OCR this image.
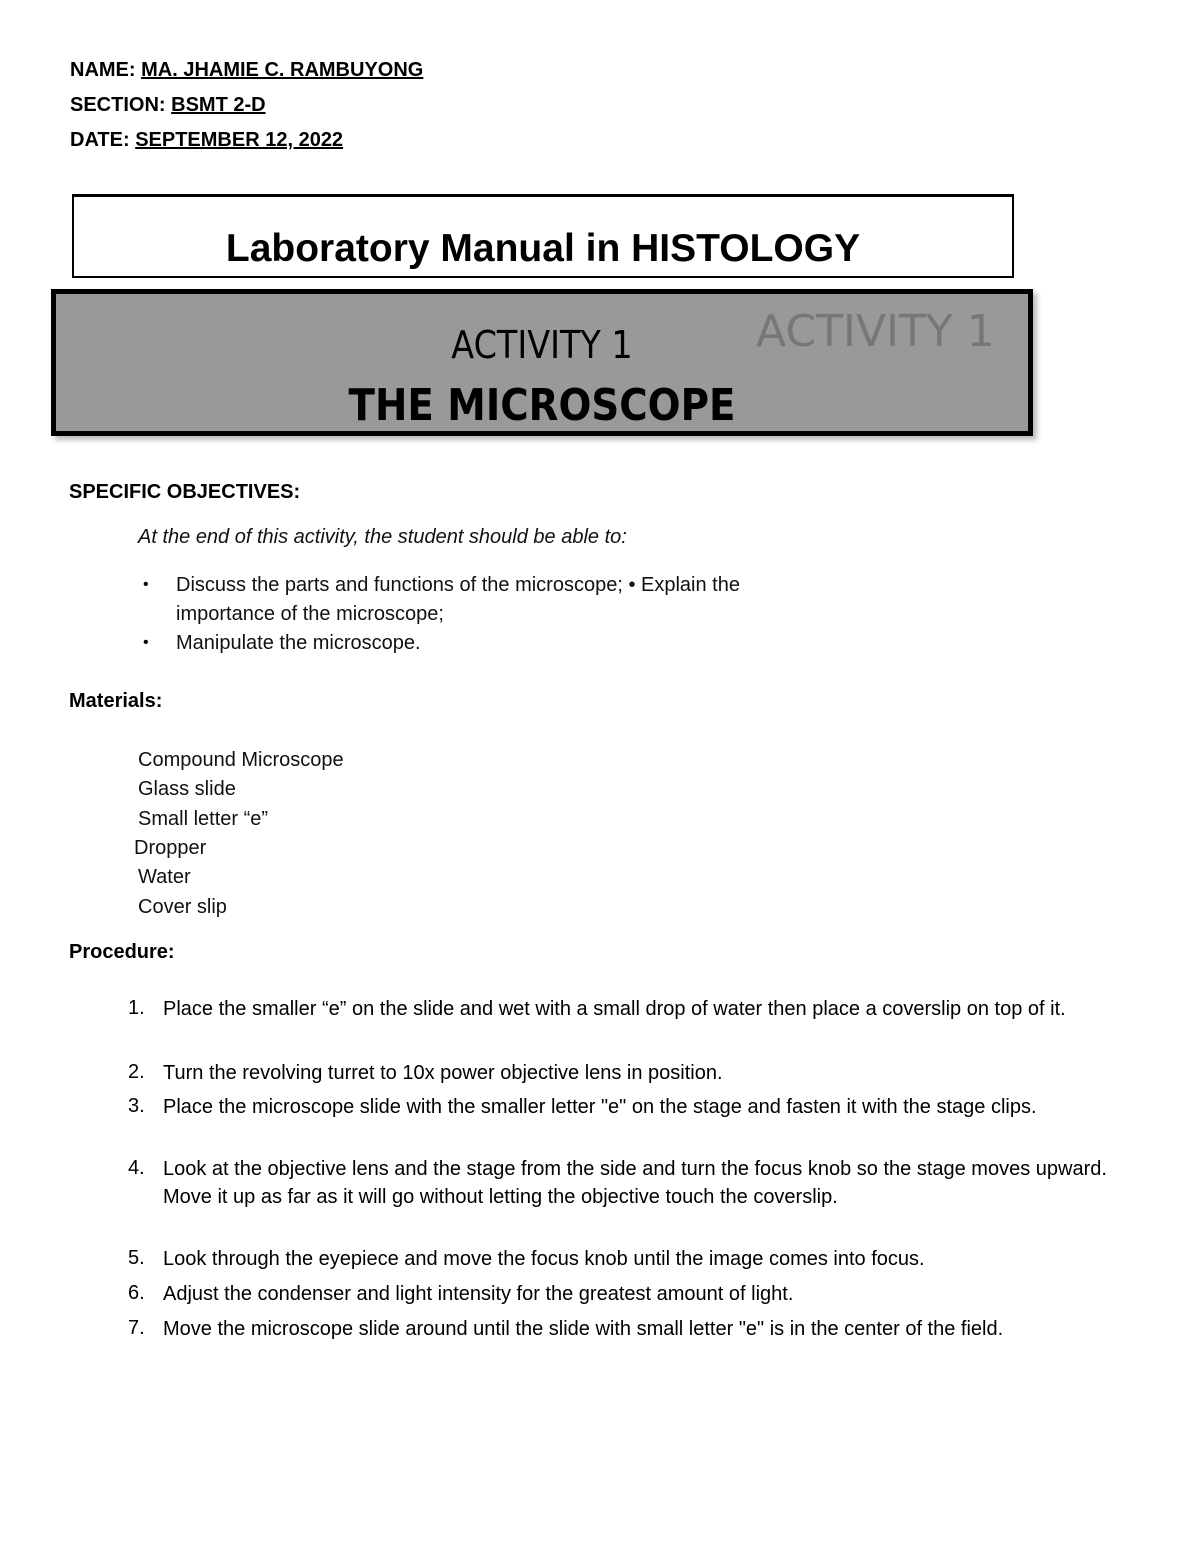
NAME: MA. JHAMIE C. RAMBUYONG
SECTION: BSMT 2-D
DATE: SEPTEMBER 12, 2022
Laboratory Manual in HISTOLOGY
ACTIVITY 1
ACTIVITY 1
THE MICROSCOPE
SPECIFIC OBJECTIVES:
At the end of this activity, the student should be able to:
• Discuss the parts and functions of the microscope; • Explain the
importance of the microscope;
• Manipulate the microscope.
Materials:
Compound Microscope
Glass slide
Small letter “e”
Dropper
Water
Cover slip
Procedure:
1. Place the smaller “e” on the slide and wet with a small drop of water then place a coverslip on top of it.
2. Turn the revolving turret to 10x power objective lens in position.
3. Place the microscope slide with the smaller letter "e" on the stage and fasten it with the stage clips.
4. Look at the objective lens and the stage from the side and turn the focus knob so the stage moves upward. Move it up as far as it will go without letting the objective touch the coverslip.
5. Look through the eyepiece and move the focus knob until the image comes into focus.
6. Adjust the condenser and light intensity for the greatest amount of light.
7. Move the microscope slide around until the slide with small letter "e" is in the center of the field.
